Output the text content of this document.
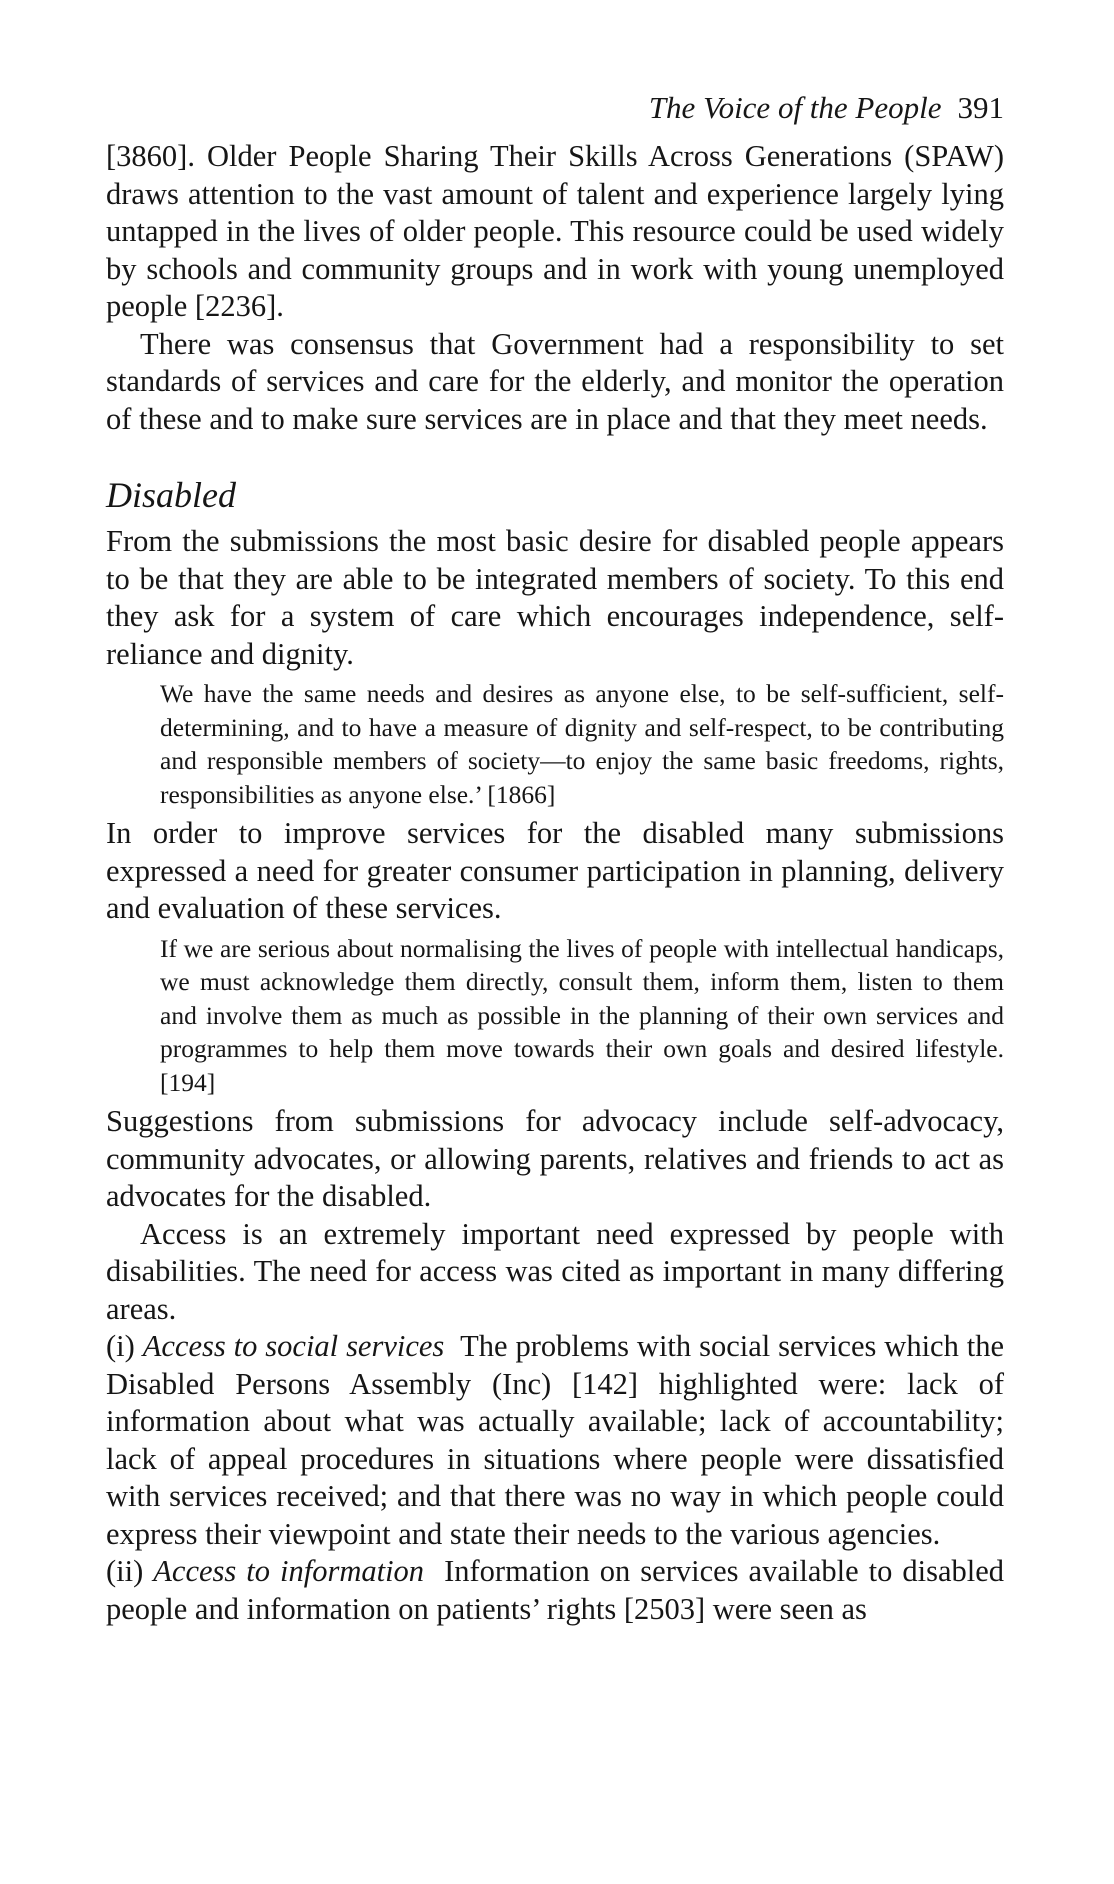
The Voice of the People 391

[3860]. Older People Sharing Their Skills Across Generations (SPAW) draws attention to the vast amount of talent and experience largely lying untapped in the lives of older people. This resource could be used widely by schools and community groups and in work with young unemployed people [2236].

There was consensus that Government had a responsibility to set standards of services and care for the elderly, and monitor the operation of these and to make sure services are in place and that they meet needs.

Disabled

From the submissions the most basic desire for disabled people appears to be that they are able to be integrated members of society. To this end they ask for a system of care which encourages independence, self-reliance and dignity.

We have the same needs and desires as anyone else, to be self-sufficient, self-determining, and to have a measure of dignity and self-respect, to be contributing and responsible members of society—to enjoy the same basic freedoms, rights, responsibilities as anyone else.’ [1866]

In order to improve services for the disabled many submissions expressed a need for greater consumer participation in planning, delivery and evaluation of these services.

If we are serious about normalising the lives of people with intellectual handicaps, we must acknowledge them directly, consult them, inform them, listen to them and involve them as much as possible in the planning of their own services and programmes to help them move towards their own goals and desired lifestyle. [194]

Suggestions from submissions for advocacy include self-advocacy, community advocates, or allowing parents, relatives and friends to act as advocates for the disabled.

Access is an extremely important need expressed by people with disabilities. The need for access was cited as important in many differing areas.

(i) Access to social services The problems with social services which the Disabled Persons Assembly (Inc) [142] highlighted were: lack of information about what was actually available; lack of accountability; lack of appeal procedures in situations where people were dissatisfied with services received; and that there was no way in which people could express their viewpoint and state their needs to the various agencies.

(ii) Access to information Information on services available to disabled people and information on patients’ rights [2503] were seen as
